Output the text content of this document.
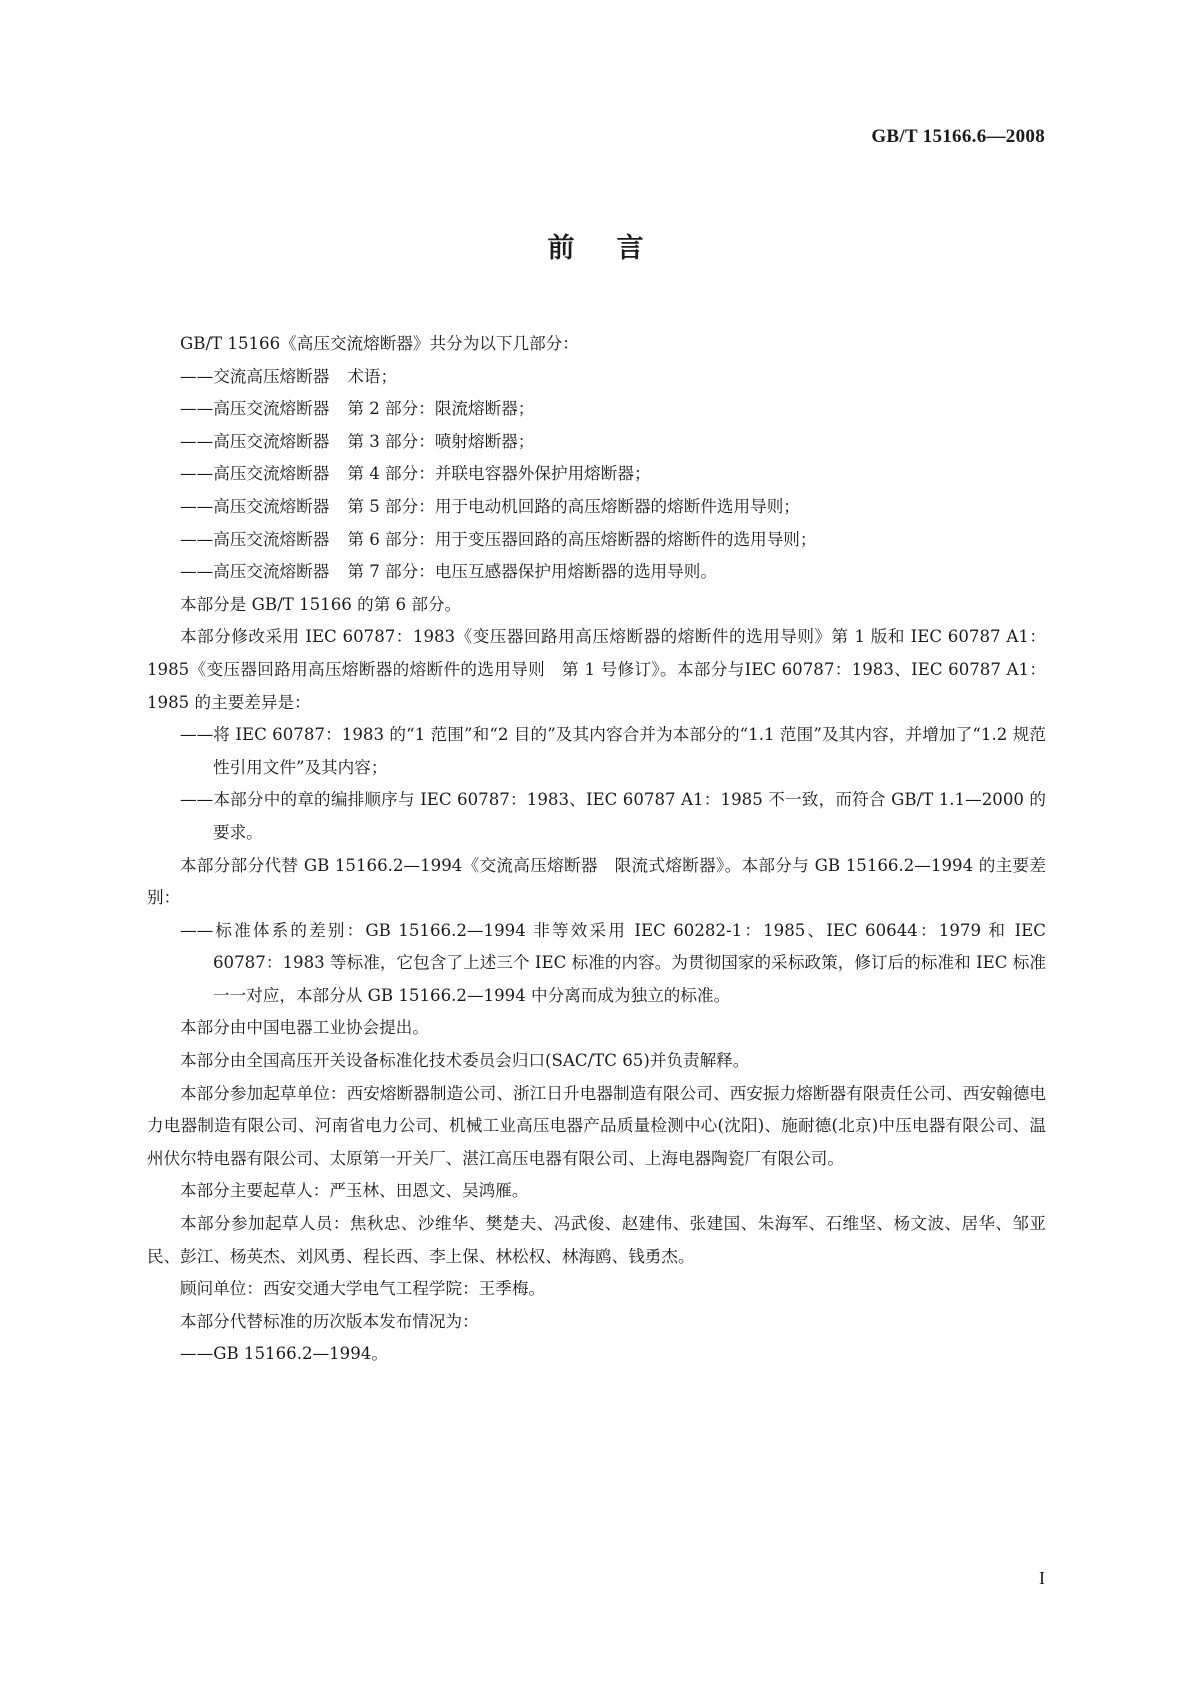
GB/T 15166.6—2008
前言

GB/T 15166《高压交流熔断器》共分为以下几部分：

——交流高压熔断器 术语；

——高压交流熔断器 第 2 部分：限流熔断器；

——高压交流熔断器 第 3 部分：喷射熔断器；

——高压交流熔断器 第 4 部分：并联电容器外保护用熔断器；

——高压交流熔断器 第 5 部分：用于电动机回路的高压熔断器的熔断件选用导则；

——高压交流熔断器 第 6 部分：用于变压器回路的高压熔断器的熔断件的选用导则；

——高压交流熔断器 第 7 部分：电压互感器保护用熔断器的选用导则。

本部分是 GB/T 15166 的第 6 部分。

本部分修改采用 IEC 60787：1983《变压器回路用高压熔断器的熔断件的选用导则》第 1 版和 IEC 60787 A1：1985《变压器回路用高压熔断器的熔断件的选用导则　第 1 号修订》。本部分与IEC 60787：1983、IEC 60787 A1：1985 的主要差异是：

——将 IEC 60787：1983 的“1 范围”和“2 目的”及其内容合并为本部分的“1.1 范围”及其内容，并增加了“1.2 规范性引用文件”及其内容；

——本部分中的章的编排顺序与 IEC 60787：1983、IEC 60787 A1：1985 不一致，而符合 GB/T 1.1—2000 的要求。

本部分部分代替 GB 15166.2—1994《交流高压熔断器　限流式熔断器》。本部分与 GB 15166.2—1994 的主要差别：

——标准体系的差别：GB 15166.2—1994 非等效采用 IEC 60282-1：1985、IEC 60644：1979 和 IEC 60787：1983 等标准，它包含了上述三个 IEC 标准的内容。为贯彻国家的采标政策，修订后的标准和 IEC 标准一一对应，本部分从 GB 15166.2—1994 中分离而成为独立的标准。

本部分由中国电器工业协会提出。

本部分由全国高压开关设备标准化技术委员会归口(SAC/TC 65)并负责解释。

本部分参加起草单位：西安熔断器制造公司、浙江日升电器制造有限公司、西安振力熔断器有限责任公司、西安翰德电力电器制造有限公司、河南省电力公司、机械工业高压电器产品质量检测中心(沈阳)、施耐德(北京)中压电器有限公司、温州伏尔特电器有限公司、太原第一开关厂、湛江高压电器有限公司、上海电器陶瓷厂有限公司。

本部分主要起草人：严玉林、田恩文、吴鸿雁。

本部分参加起草人员：焦秋忠、沙维华、樊楚夫、冯武俊、赵建伟、张建国、朱海军、石维坚、杨文波、居华、邹亚民、彭江、杨英杰、刘风勇、程长西、李上保、林松权、林海鸥、钱勇杰。

顾问单位：西安交通大学电气工程学院：王季梅。

本部分代替标准的历次版本发布情况为：

——GB 15166.2—1994。

I
